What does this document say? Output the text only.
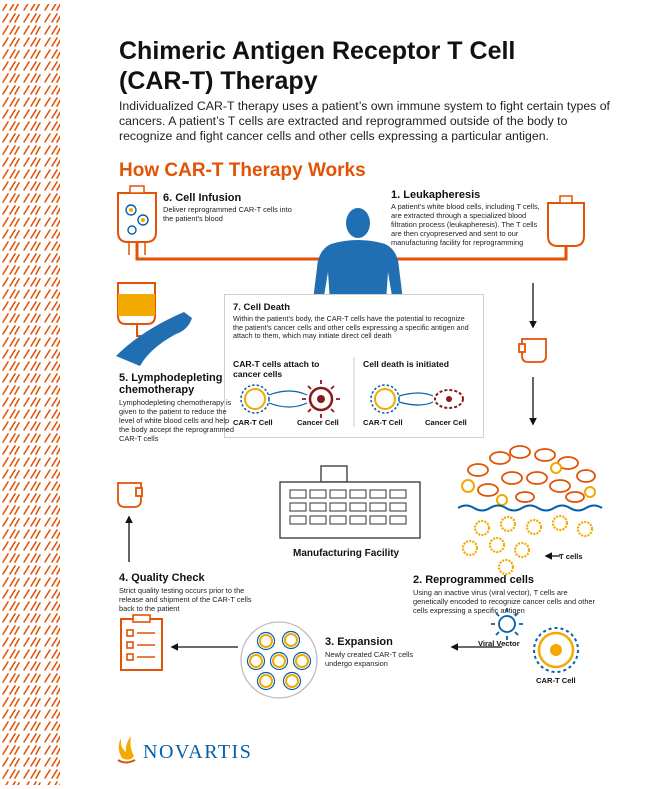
Chimeric Antigen Receptor T Cell
(CAR-T) Therapy
Individualized CAR-T therapy uses a patient’s own immune system to fight certain types of cancers. A patient’s T cells are extracted and reprogrammed outside of the body to recognize and fight cancer cells and other cells expressing a particular antigen.
How CAR-T Therapy Works
6. Cell Infusion
Deliver reprogrammed CAR-T cells into the patient’s blood
1. Leukapheresis
A patient’s white blood cells, including T cells, are extracted through a specialized blood filtration process (leukapheresis). The T cells are then cryopreserved and sent to our manufacturing facility for reprogramming
7. Cell Death
Within the patient’s body, the CAR-T cells have the potential to recognize the patient’s cancer cells and other cells expressing a specific antigen and attach to them, which may initiate direct cell death
CAR-T cells attach to cancer cells
Cell death is initiated
CAR-T Cell	Cancer Cell	CAR-T Cell	Cancer Cell
5. Lymphodepleting chemotherapy
Lymphodepleting chemotherapy is given to the patient to reduce the level of white blood cells and help the body accept the reprogrammed CAR-T cells
T cells
Manufacturing Facility
Viral Vector
CAR-T Cell
4. Quality Check
Strict quality testing occurs prior to the release and shipment of the CAR-T cells back to the patient
2. Reprogrammed cells
Using an inactive virus (viral vector), T cells are genetically encoded to recognize cancer cells and other cells expressing a specific antigen
3. Expansion
Newly created CAR-T cells undergo expansion
NOVARTIS
